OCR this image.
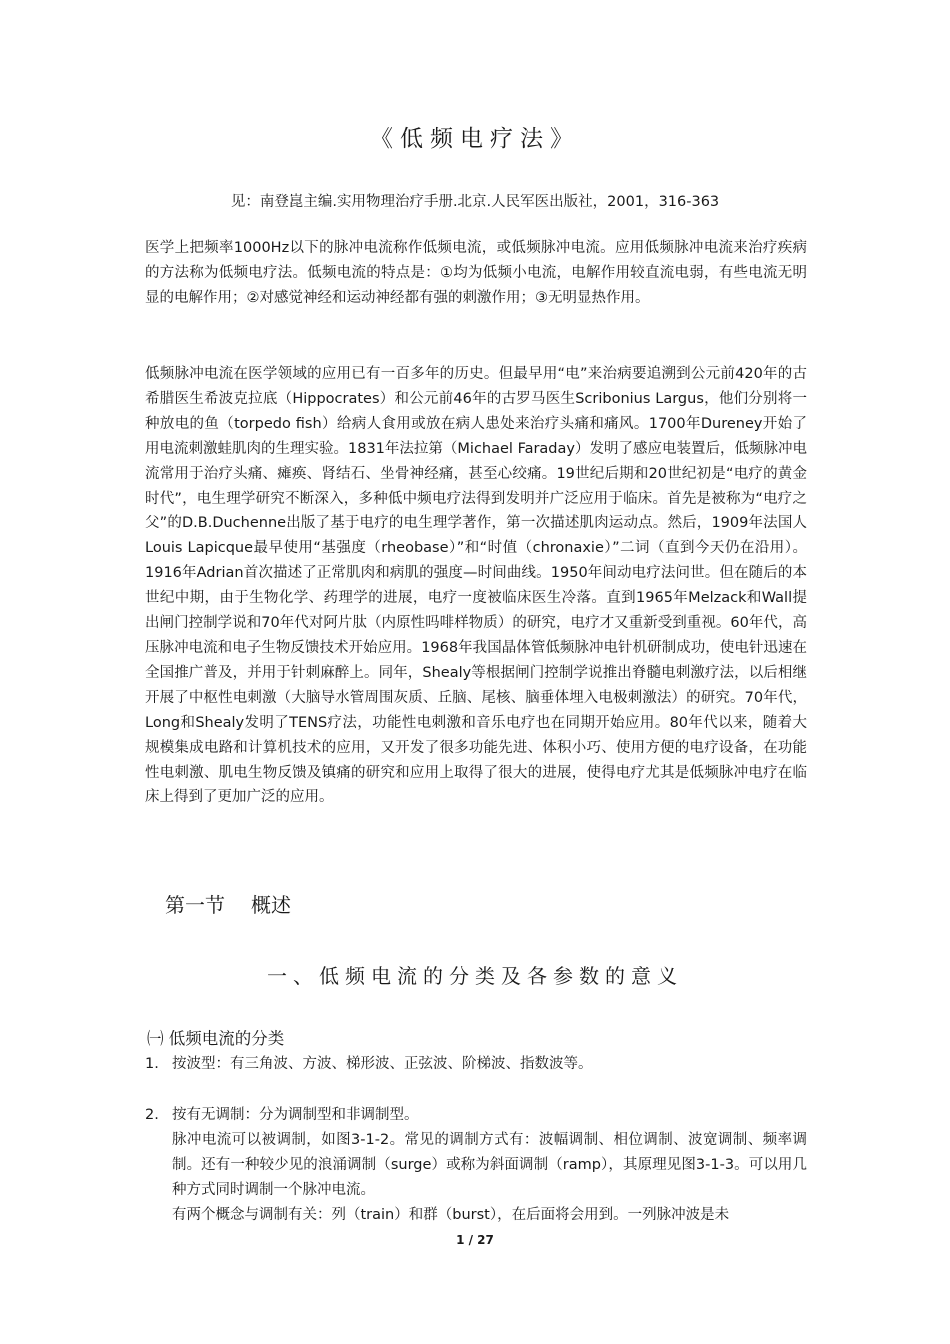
《低频电疗法》
见：南登崑主编.实用物理治疗手册.北京.人民军医出版社，2001，316-363

医学上把频率1000Hz以下的脉冲电流称作低频电流，或低频脉冲电流。应用低频脉冲电流来治疗疾病的方法称为低频电疗法。低频电流的特点是：①均为低频小电流，电解作用较直流电弱，有些电流无明显的电解作用；②对感觉神经和运动神经都有强的刺激作用；③无明显热作用。

低频脉冲电流在医学领域的应用已有一百多年的历史。但最早用“电”来治病要追溯到公元前420年的古希腊医生希波克拉底（Hippocrates）和公元前46年的古罗马医生Scribonius Largus，他们分别将一种放电的鱼（torpedo fish）给病人食用或放在病人患处来治疗头痛和痛风。1700年Dureney开始了用电流刺激蛙肌肉的生理实验。1831年法拉第（Michael Faraday）发明了感应电装置后，低频脉冲电流常用于治疗头痛、瘫痪、肾结石、坐骨神经痛，甚至心绞痛。19世纪后期和20世纪初是“电疗的黄金时代”，电生理学研究不断深入，多种低中频电疗法得到发明并广泛应用于临床。首先是被称为“电疗之父”的D.B.Duchenne出版了基于电疗的电生理学著作，第一次描述肌肉运动点。然后，1909年法国人Louis Lapicque最早使用“基强度（rheobase）”和“时值（chronaxie）”二词（直到今天仍在沿用）。1916年Adrian首次描述了正常肌肉和病肌的强度—时间曲线。1950年间动电疗法问世。但在随后的本世纪中期，由于生物化学、药理学的进展，电疗一度被临床医生冷落。直到1965年Melzack和Wall提出闸门控制学说和70年代对阿片肽（内原性吗啡样物质）的研究，电疗才又重新受到重视。60年代，高压脉冲电流和电子生物反馈技术开始应用。1968年我国晶体管低频脉冲电针机研制成功，使电针迅速在全国推广普及，并用于针刺麻醉上。同年，Shealy等根据闸门控制学说推出脊髓电刺激疗法，以后相继开展了中枢性电刺激（大脑导水管周围灰质、丘脑、尾核、脑垂体埋入电极刺激法）的研究。70年代，Long和Shealy发明了TENS疗法，功能性电刺激和音乐电疗也在同期开始应用。80年代以来，随着大规模集成电路和计算机技术的应用，又开发了很多功能先进、体积小巧、使用方便的电疗设备，在功能性电刺激、肌电生物反馈及镇痛的研究和应用上取得了很大的进展，使得电疗尤其是低频脉冲电疗在临床上得到了更加广泛的应用。

第一节 概述
一、低频电流的分类及各参数的意义
㈠ 低频电流的分类
1. 按波型：有三角波、方波、梯形波、正弦波、阶梯波、指数波等。
2. 按有无调制：分为调制型和非调制型。
脉冲电流可以被调制，如图3-1-2。常见的调制方式有：波幅调制、相位调制、波宽调制、频率调制。还有一种较少见的浪涌调制（surge）或称为斜面调制（ramp），其原理见图3-1-3。可以用几种方式同时调制一个脉冲电流。
有两个概念与调制有关：列（train）和群（burst），在后面将会用到。一列脉冲波是未
1 / 27
